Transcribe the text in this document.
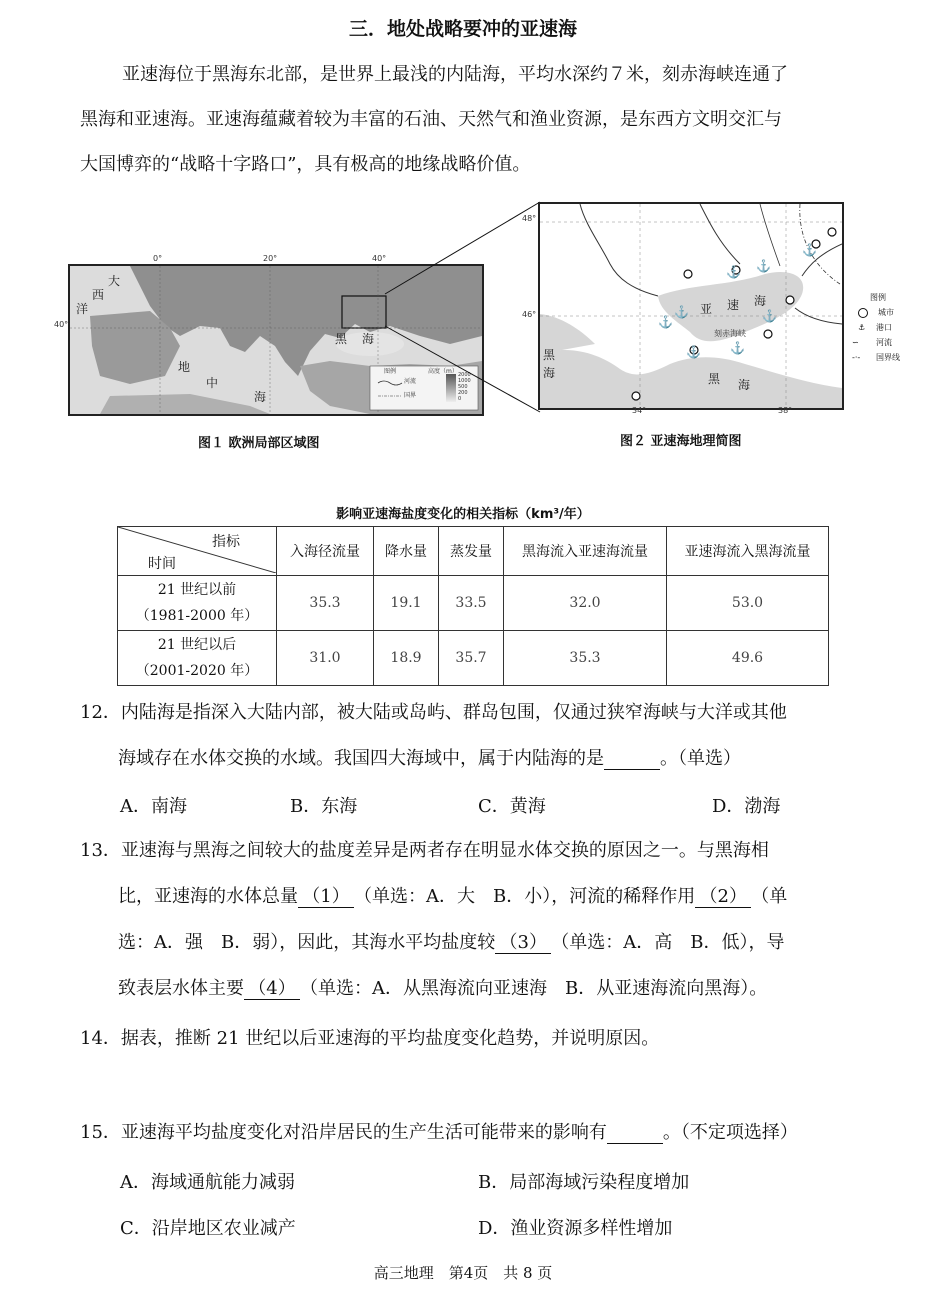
三．地处战略要冲的亚速海

亚速海位于黑海东北部，是世界上最浅的内陆海，平均水深约７米，刻赤海峡连通了

黑海和亚速海。亚速海蕴藏着较为丰富的石油、天然气和渔业资源，是东西方文明交汇与

大国博弈的“战略十字路口”，具有极高的地缘战略价值。

0°	20°	40°
40°
大
西
洋
地
中
海
黑 海
图例
河流
国界
高度（m） 2000
1000
500
200
0
图１ 欧洲局部区域图
⚓
⚓ ⚓
⚓
⚓
⚓ ⚓
⚓
48°
46°
34°	38°
亚 速 海
刻赤海峡
黑
海	黑 海
图例
城市
⚓ 港口
∽ 河流
-·- 国界线
图２ 亚速海地理简图
影响亚速海盐度变化的相关指标（km³/年）
指标
时间	入海径流量	降水量	蒸发量	黑海流入亚速海流量	亚速海流入黑海流量

21 世纪以前
（1981-2000 年）	35.3	19.1	33.5	32.0	53.0

21 世纪以后
（2001-2020 年）	31.0	18.9	35.7	35.3	49.6

12．内陆海是指深入大陆内部，被大陆或岛屿、群岛包围，仅通过狭窄海峡与大洋或其他

海域存在水体交换的水域。我国四大海域中，属于内陆海的是	。（单选）

A．南海	B．东海	C．黄海	D．渤海

13．亚速海与黑海之间较大的盐度差异是两者存在明显水体交换的原因之一。与黑海相

比，亚速海的水体总量 （1） （单选：A．大　B．小），河流的稀释作用 （2） （单

选：A．强　B．弱），因此，其海水平均盐度较 （3） （单选：A．高　B．低），导

致表层水体主要 （4） （单选：A．从黑海流向亚速海　B．从亚速海流向黑海）。

14．据表，推断 21 世纪以后亚速海的平均盐度变化趋势，并说明原因。

15．亚速海平均盐度变化对沿岸居民的生产生活可能带来的影响有	。（不定项选择）

A．海域通航能力减弱	B．局部海域污染程度增加
C．沿岸地区农业减产	D．渔业资源多样性增加
高三地理　第4页　共 8 页
